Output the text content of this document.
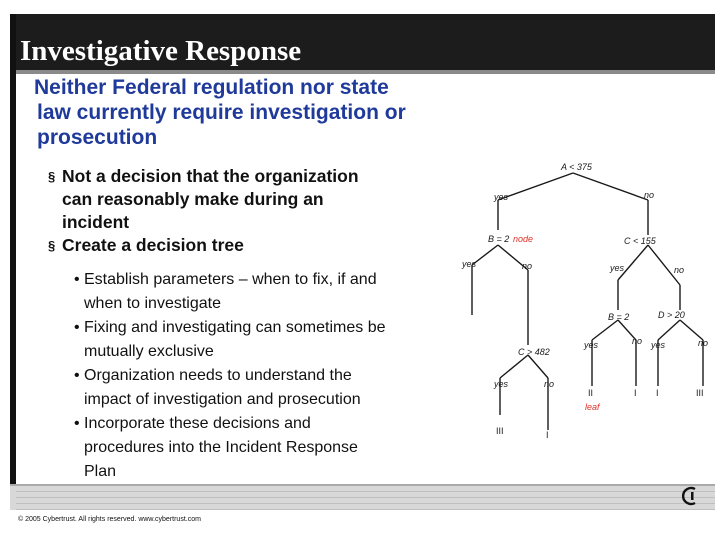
Investigative Response
Neither Federal regulation nor state
law currently require investigation or
prosecution
§ Not a decision that the organization
can reasonably make during an
incident
§ Create a decision tree
• Establish parameters – when to fix, if and
when to investigate
• Fixing and investigating can sometimes be
mutually exclusive
• Organization needs to understand the
impact of investigation and prosecution
• Incorporate these decisions and
procedures into the Incident Response
Plan
A < 375
yes	no
B = 2 node	C < 155
yes	no	yes	no
B = 2	D > 20
C > 482
yes	no yes	no
yes	no
II
leaf
I I	III
III	I
© 2005 Cybertrust. All rights reserved. www.cybertrust.com
